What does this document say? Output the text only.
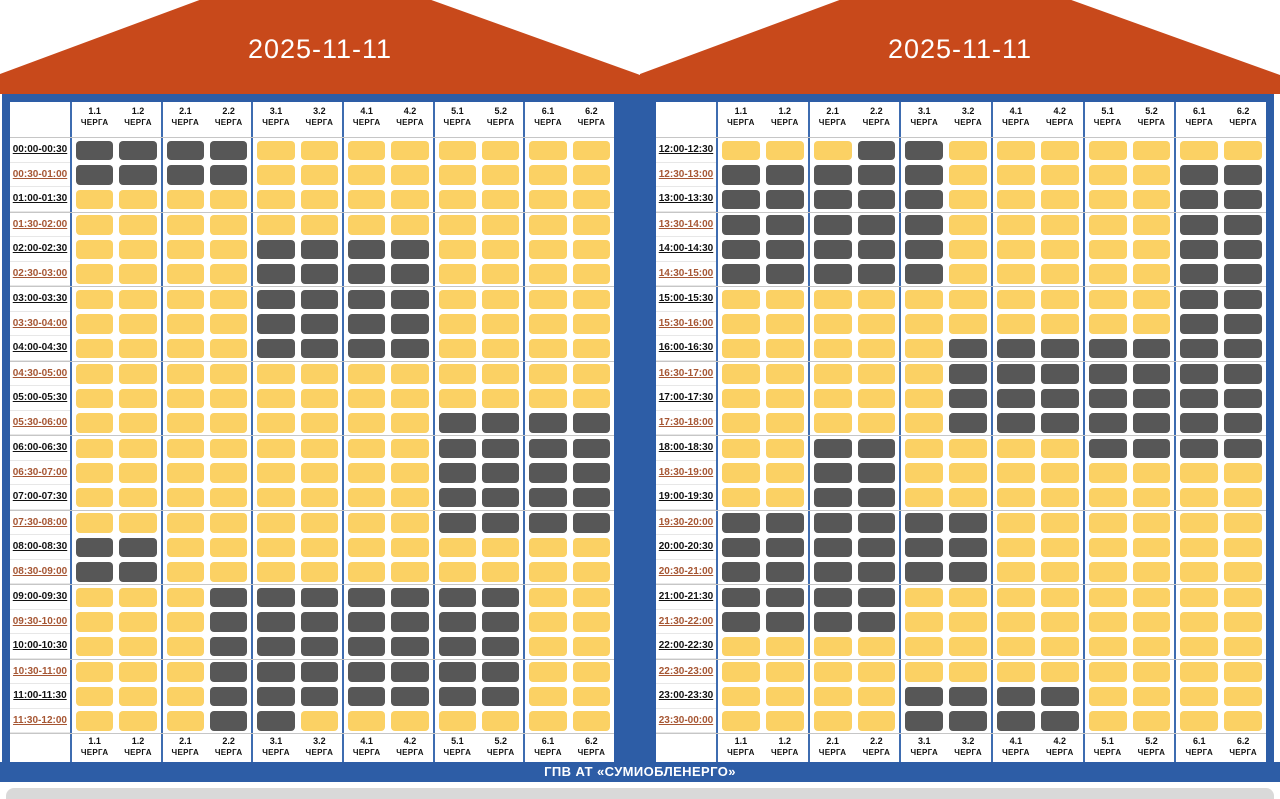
2025-11-11	2025-11-11
1.1
ЧЕРГА
1.2
ЧЕРГА
2.1
ЧЕРГА
2.2
ЧЕРГА
3.1
ЧЕРГА
3.2
ЧЕРГА
4.1
ЧЕРГА
4.2
ЧЕРГА
5.1
ЧЕРГА
5.2
ЧЕРГА
6.1
ЧЕРГА
6.2
ЧЕРГА
00:00-00:30
00:30-01:00
01:00-01:30
01:30-02:00
02:00-02:30
02:30-03:00
03:00-03:30
03:30-04:00
04:00-04:30
04:30-05:00
05:00-05:30
05:30-06:00
06:00-06:30
06:30-07:00
07:00-07:30
07:30-08:00
08:00-08:30
08:30-09:00
09:00-09:30
09:30-10:00
10:00-10:30
10:30-11:00
11:00-11:30
11:30-12:00
1.1
ЧЕРГА
1.2
ЧЕРГА
2.1
ЧЕРГА
2.2
ЧЕРГА
3.1
ЧЕРГА
3.2
ЧЕРГА
4.1
ЧЕРГА
4.2
ЧЕРГА
5.1
ЧЕРГА
5.2
ЧЕРГА
6.1
ЧЕРГА
6.2
ЧЕРГА
1.1
ЧЕРГА
1.2
ЧЕРГА
2.1
ЧЕРГА
2.2
ЧЕРГА
3.1
ЧЕРГА
3.2
ЧЕРГА
4.1
ЧЕРГА
4.2
ЧЕРГА
5.1
ЧЕРГА
5.2
ЧЕРГА
6.1
ЧЕРГА
6.2
ЧЕРГА
12:00-12:30
12:30-13:00
13:00-13:30
13:30-14:00
14:00-14:30
14:30-15:00
15:00-15:30
15:30-16:00
16:00-16:30
16:30-17:00
17:00-17:30
17:30-18:00
18:00-18:30
18:30-19:00
19:00-19:30
19:30-20:00
20:00-20:30
20:30-21:00
21:00-21:30
21:30-22:00
22:00-22:30
22:30-23:00
23:00-23:30
23:30-00:00
1.1
ЧЕРГА
1.2
ЧЕРГА
2.1
ЧЕРГА
2.2
ЧЕРГА
3.1
ЧЕРГА
3.2
ЧЕРГА
4.1
ЧЕРГА
4.2
ЧЕРГА
5.1
ЧЕРГА
5.2
ЧЕРГА
6.1
ЧЕРГА
6.2
ЧЕРГА
ГПВ АТ «СУМИОБЛЕНЕРГО»
